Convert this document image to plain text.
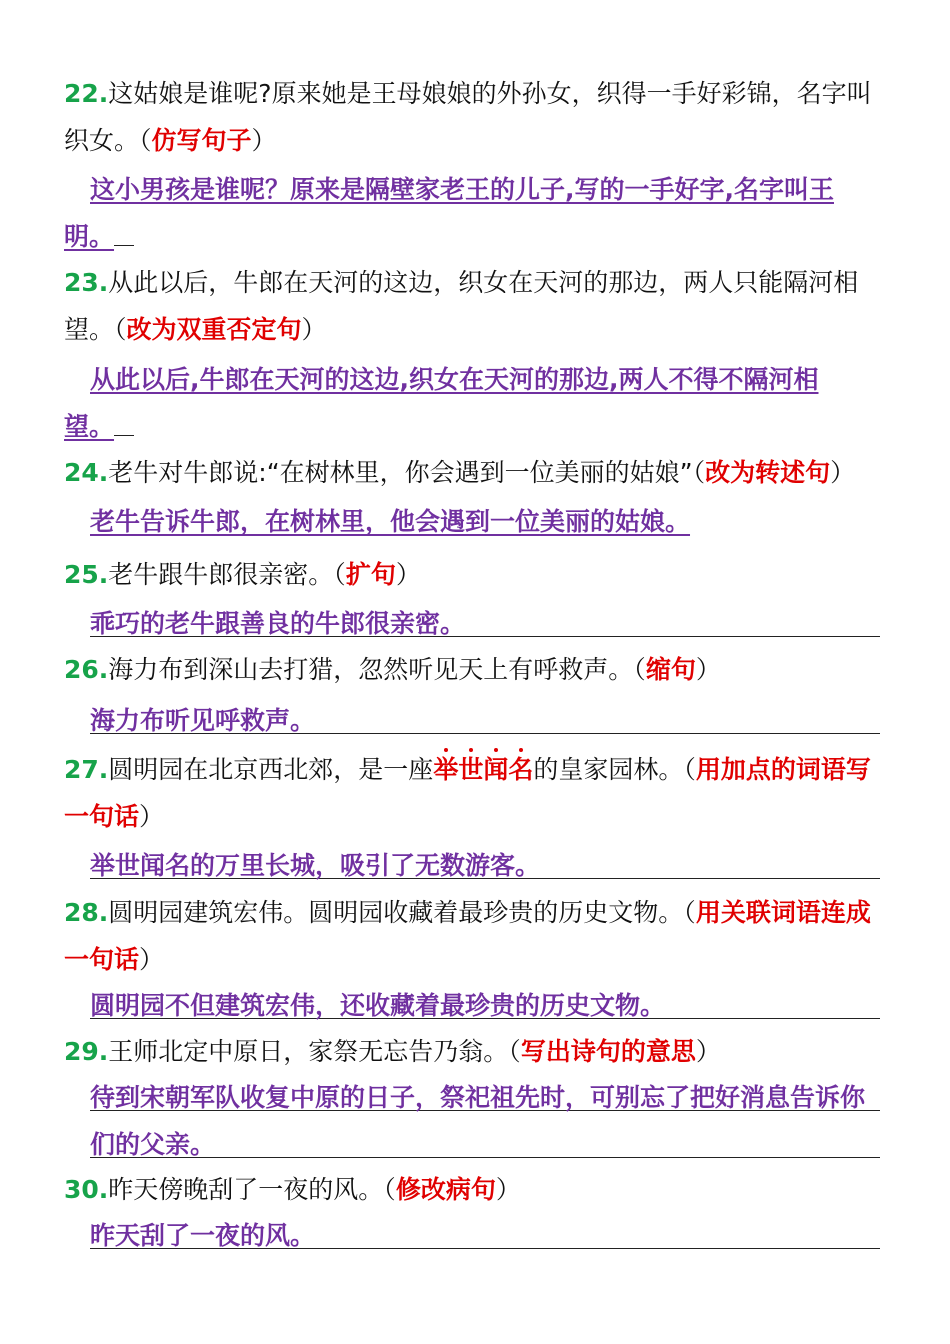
22.这姑娘是谁呢?原来她是王母娘娘的外孙女，织得一手好彩锦，名字叫织女。（仿写句子）
这小男孩是谁呢？原来是隔壁家老王的儿子,写的一手好字,名字叫王明。
23.从此以后，牛郎在天河的这边，织女在天河的那边，两人只能隔河相望。（改为双重否定句）
从此以后,牛郎在天河的这边,织女在天河的那边,两人不得不隔河相望。
24.老牛对牛郎说:“在树林里，你会遇到一位美丽的姑娘”（改为转述句）
老牛告诉牛郎，在树林里，他会遇到一位美丽的姑娘。
25.老牛跟牛郎很亲密。（扩句）
乖巧的老牛跟善良的牛郎很亲密。
26.海力布到深山去打猎，忽然听见天上有呼救声。（缩句）
海力布听见呼救声。
27.圆明园在北京西北郊，是一座举
世
闻
名
的皇家园林。（用加点的词语写一句话）
举世闻名的万里长城，吸引了无数游客。
28.圆明园建筑宏伟。圆明园收藏着最珍贵的历史文物。（用关联词语连成一句话）
圆明园不但建筑宏伟，还收藏着最珍贵的历史文物。
29.王师北定中原日，家祭无忘告乃翁。（写出诗句的意思）
待到宋朝军队收复中原的日子，祭祀祖先时，可别忘了把好消息告诉你们的父亲。
30.昨天傍晚刮了一夜的风。（修改病句）
昨天刮了一夜的风。
